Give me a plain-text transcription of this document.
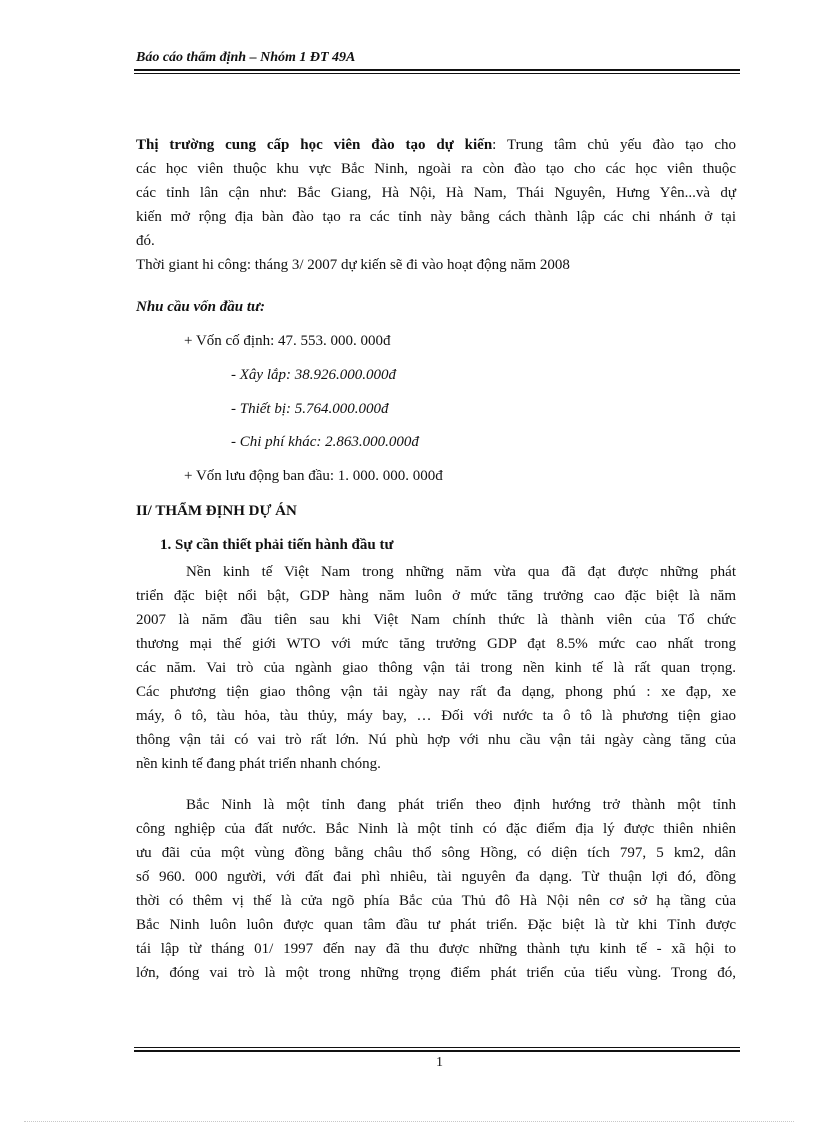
Báo cáo thẩm định – Nhóm 1 ĐT 49A
Thị trường cung cấp học viên đào tạo dự kiến: Trung tâm chủ yếu đào tạo cho
các học viên thuộc khu vực Bắc Ninh, ngoài ra còn đào tạo cho các học viên thuộc
các tỉnh lân cận như: Bắc Giang, Hà Nội, Hà Nam, Thái Nguyên, Hưng Yên...và dự
kiến mở rộng địa bàn đào tạo ra các tỉnh này bằng cách thành lập các chi nhánh ở tại
đó.
Thời giant hi công: tháng 3/ 2007 dự kiến sẽ đi vào hoạt động năm 2008
Nhu cầu vốn đầu tư:
+ Vốn cố định: 47. 553. 000. 000đ
- Xây lắp: 38.926.000.000đ
- Thiết bị: 5.764.000.000đ
- Chi phí khác: 2.863.000.000đ
+ Vốn lưu động ban đầu: 1. 000. 000. 000đ
II/ THẨM ĐỊNH DỰ ÁN
1. Sự cần thiết phải tiến hành đầu tư
Nền kinh tế Việt Nam trong những năm vừa qua đã đạt được những phát
triển đặc biệt nổi bật, GDP hàng năm luôn ở mức tăng trưởng cao đặc biệt là năm
2007 là năm đầu tiên sau khi Việt Nam chính thức là thành viên của Tổ chức
thương mại thế giới WTO với mức tăng trưởng GDP đạt 8.5% mức cao nhất trong
các năm. Vai trò của ngành giao thông vận tải trong nền kinh tế là rất quan trọng.
Các phương tiện giao thông vận tải ngày nay rất đa dạng, phong phú : xe đạp, xe
máy, ô tô, tàu hỏa, tàu thủy, máy bay, … Đối với nước ta ô tô là phương tiện giao
thông vận tải có vai trò rất lớn. Nú phù hợp với nhu cầu vận tải ngày càng tăng của
nền kinh tế đang phát triển nhanh chóng.
Bắc Ninh là một tỉnh đang phát triển theo định hướng trở thành một tỉnh
công nghiệp của đất nước. Bắc Ninh là một tỉnh có đặc điểm địa lý được thiên nhiên
ưu đãi của một vùng đồng bằng châu thổ sông Hồng, có diện tích 797, 5 km2, dân
số 960. 000 người, với đất đai phì nhiêu, tài nguyên đa dạng. Từ thuận lợi đó, đồng
thời có thêm vị thế là cửa ngõ phía Bắc của Thủ đô Hà Nội nên cơ sở hạ tầng của
Bắc Ninh luôn luôn được quan tâm đầu tư phát triển. Đặc biệt là từ khi Tỉnh được
tái lập từ tháng 01/ 1997 đến nay đã thu được những thành tựu kinh tế - xã hội to
lớn, đóng vai trò là một trong những trọng điểm phát triển của tiểu vùng. Trong đó,
1
